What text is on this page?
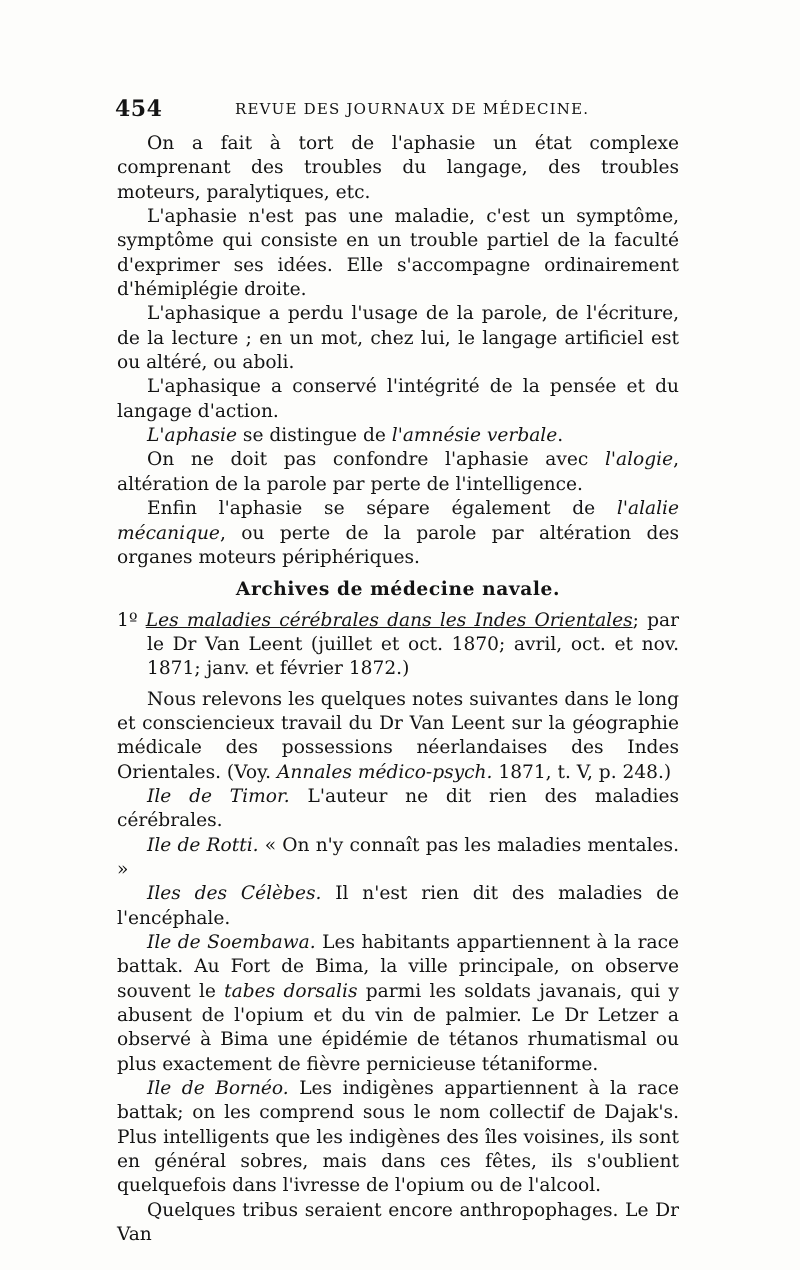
454	REVUE DES JOURNAUX DE MÉDECINE.

On a fait à tort de l'aphasie un état complexe comprenant des troubles du langage, des troubles moteurs, paralytiques, etc.

L'aphasie n'est pas une maladie, c'est un symptôme, symptôme qui consiste en un trouble partiel de la faculté d'exprimer ses idées. Elle s'accompagne ordinairement d'hémiplégie droite.

L'aphasique a perdu l'usage de la parole, de l'écriture, de la lecture ; en un mot, chez lui, le langage artificiel est ou altéré, ou aboli.

L'aphasique a conservé l'intégrité de la pensée et du langage d'action.

L'aphasie se distingue de l'amnésie verbale.

On ne doit pas confondre l'aphasie avec l'alogie, altération de la parole par perte de l'intelligence.

Enfin l'aphasie se sépare également de l'alalie mécanique, ou perte de la parole par altération des organes moteurs périphériques.

Archives de médecine navale.

1º Les maladies cérébrales dans les Indes Orientales; par le Dr Van Leent (juillet et oct. 1870; avril, oct. et nov. 1871; janv. et février 1872.)

Nous relevons les quelques notes suivantes dans le long et consciencieux travail du Dr Van Leent sur la géographie médicale des possessions néerlandaises des Indes Orientales. (Voy. Annales médico-psych. 1871, t. V, p. 248.)

Ile de Timor. L'auteur ne dit rien des maladies cérébrales.

Ile de Rotti. « On n'y connaît pas les maladies mentales. »

Iles des Célèbes. Il n'est rien dit des maladies de l'encéphale.

Ile de Soembawa. Les habitants appartiennent à la race battak. Au Fort de Bima, la ville principale, on observe souvent le tabes dorsalis parmi les soldats javanais, qui y abusent de l'opium et du vin de palmier. Le Dr Letzer a observé à Bima une épidémie de tétanos rhumatismal ou plus exactement de fièvre pernicieuse tétaniforme.

Ile de Bornéo. Les indigènes appartiennent à la race battak; on les comprend sous le nom collectif de Dajak's. Plus intelligents que les indigènes des îles voisines, ils sont en général sobres, mais dans ces fêtes, ils s'oublient quelquefois dans l'ivresse de l'opium ou de l'alcool.

Quelques tribus seraient encore anthropophages. Le Dr Van
